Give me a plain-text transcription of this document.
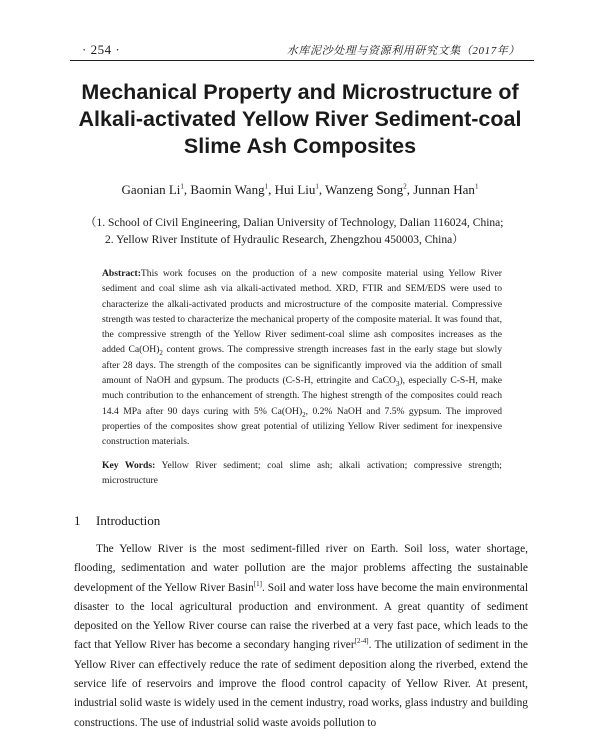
· 254 ·	水库泥沙处理与资源利用研究文集（2017年）
Mechanical Property and Microstructure of
Alkali-activated Yellow River Sediment-coal
Slime Ash Composites
Gaonian Li$^1$, Baomin Wang$^1$, Hui Liu$^1$, Wanzeng Song$^2$, Junnan Han$^1$
（1. School of Civil Engineering, Dalian University of Technology, Dalian 116024, China;
2. Yellow River Institute of Hydraulic Research, Zhengzhou 450003, China）
Abstract:This work focuses on the production of a new composite material using Yellow River sediment and coal slime ash via alkali-activated method. XRD, FTIR and SEM/EDS were used to characterize the alkali-activated products and microstructure of the composite material. Compressive strength was tested to characterize the mechanical property of the composite material. It was found that, the compressive strength of the Yellow River sediment-coal slime ash composites increases as the added $Ca(OH)_2$ content grows. The compressive strength increases fast in the early stage but slowly after 28 days. The strength of the composites can be significantly improved via the addition of small amount of NaOH and gypsum. The products (C-S-H, ettringite and CaCO$_3$), especially C-S-H, make much contribution to the enhancement of strength. The highest strength of the composites could reach 14.4 MPa after 90 days curing with 5% $Ca(OH)_2$, 0.2% NaOH and 7.5% gypsum. The improved properties of the composites show great potential of utilizing Yellow River sediment for inexpensive construction materials.
Key Words: Yellow River sediment; coal slime ash; alkali activation; compressive strength; microstructure
1 Introduction
The Yellow River is the most sediment-filled river on Earth. Soil loss, water shortage, flooding, sedimentation and water pollution are the major problems affecting the sustainable development of the Yellow River Basin[1]. Soil and water loss have become the main environmental disaster to the local agricultural production and environment. A great quantity of sediment deposited on the Yellow River course can raise the riverbed at a very fast pace, which leads to the fact that Yellow River has become a secondary hanging river[2-4]. The utilization of sediment in the Yellow River can effectively reduce the rate of sediment deposition along the riverbed, extend the service life of reservoirs and improve the flood control capacity of Yellow River. At present, industrial solid waste is widely used in the cement industry, road works, glass industry and building constructions. The use of industrial solid waste avoids pollution to
